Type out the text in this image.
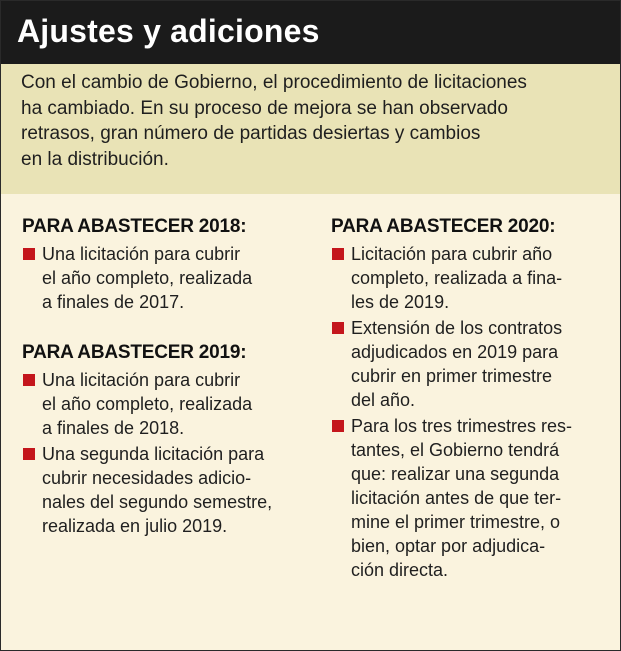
Ajustes y adiciones
Con el cambio de Gobierno, el procedimiento de licitaciones
ha cambiado. En su proceso de mejora se han observado
retrasos, gran número de partidas desiertas y cambios
en la distribución.
PARA ABASTECER 2018:
Una licitación para cubrir
el año completo, realizada
a finales de 2017.
PARA ABASTECER 2019:
Una licitación para cubrir
el año completo, realizada
a finales de 2018.
Una segunda licitación para
cubrir necesidades adicio-
nales del segundo semestre,
realizada en julio 2019.
PARA ABASTECER 2020:
Licitación para cubrir año
completo, realizada a fina-
les de 2019.
Extensión de los contratos
adjudicados en 2019 para
cubrir en primer trimestre
del año.
Para los tres trimestres res-
tantes, el Gobierno tendrá
que: realizar una segunda
licitación antes de que ter-
mine el primer trimestre, o
bien, optar por adjudica-
ción directa.
